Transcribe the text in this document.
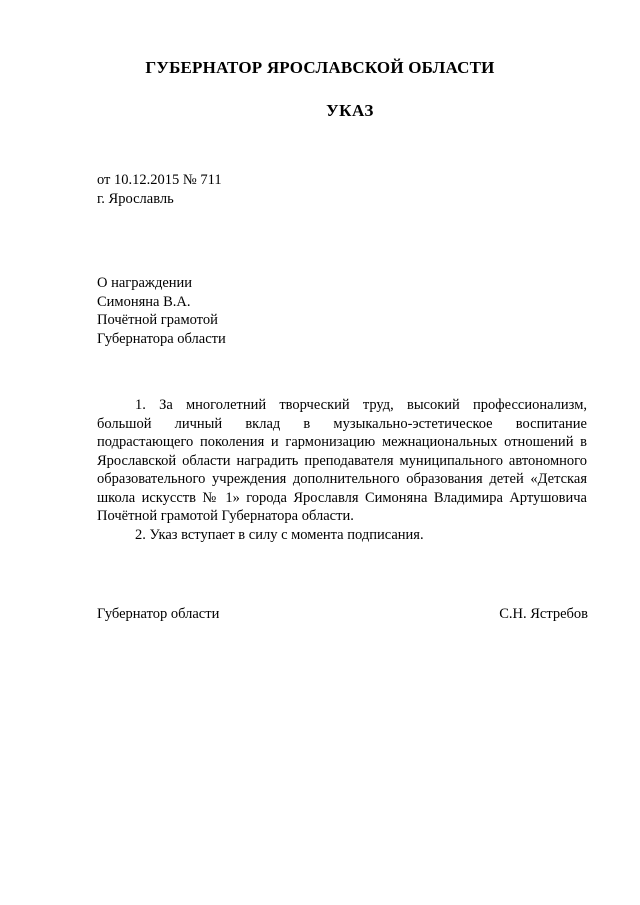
ГУБЕРНАТОР ЯРОСЛАВСКОЙ ОБЛАСТИ
УКАЗ
от 10.12.2015 № 711
г. Ярославль
О награждении
Симоняна В.А.
Почётной грамотой
Губернатора области

1. За многолетний творческий труд, высокий профессионализм, большой личный вклад в музыкально-эстетическое воспитание подрастающего поколения и гармонизацию межнациональных отношений в Ярославской области наградить преподавателя муниципального автономного образовательного учреждения дополнительного образования детей «Детская школа искусств № 1» города Ярославля Симоняна Владимира Артушовича Почётной грамотой Губернатора области.

2. Указ вступает в силу с момента подписания.

Губернатор области	С.Н. Ястребов
